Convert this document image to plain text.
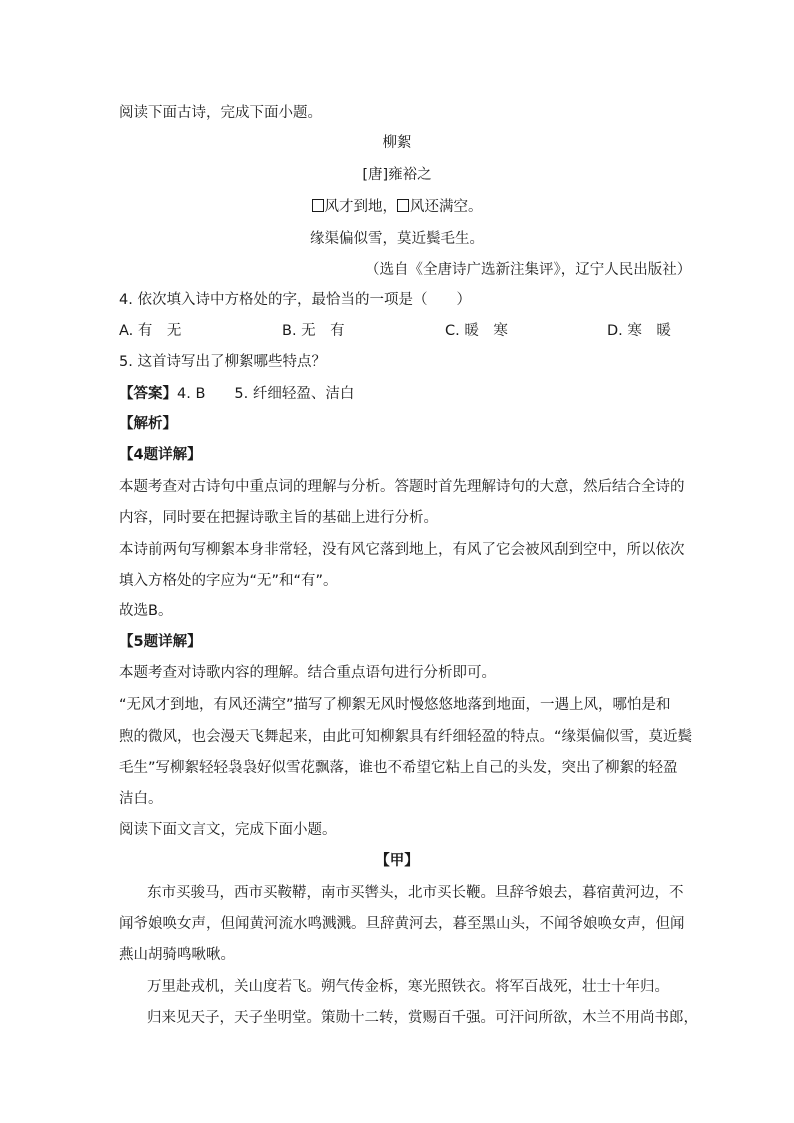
阅读下面古诗，完成下面小题。
柳絮
[唐]雍裕之
风才到地， 风还满空。
缘渠偏似雪，莫近鬓毛生。
（选自《全唐诗广选新注集评》，辽宁人民出版社）
4. 依次填入诗中方格处的字，最恰当的一项是（　　）
A. 有　无	B. 无　有	C. 暖　寒	D. 寒　暖
5. 这首诗写出了柳絮哪些特点？
【答案】4. B　　5. 纤细轻盈、洁白
【解析】
【4题详解】
本题考查对古诗句中重点词的理解与分析。答题时首先理解诗句的大意，然后结合全诗的
内容，同时要在把握诗歌主旨的基础上进行分析。
本诗前两句写柳絮本身非常轻，没有风它落到地上，有风了它会被风刮到空中，所以依次
填入方格处的字应为“无”和“有”。
故选B。
【5题详解】
本题考查对诗歌内容的理解。结合重点语句进行分析即可。
“无风才到地，有风还满空”描写了柳絮无风时慢悠悠地落到地面，一遇上风，哪怕是和
煦的微风，也会漫天飞舞起来，由此可知柳絮具有纤细轻盈的特点。“缘渠偏似雪，莫近鬓
毛生”写柳絮轻轻袅袅好似雪花飘落，谁也不希望它粘上自己的头发，突出了柳絮的轻盈
洁白。
阅读下面文言文，完成下面小题。
【甲】
东市买骏马，西市买鞍鞯，南市买辔头，北市买长鞭。旦辞爷娘去，暮宿黄河边，不
闻爷娘唤女声，但闻黄河流水鸣溅溅。旦辞黄河去，暮至黑山头，不闻爷娘唤女声，但闻
燕山胡骑鸣啾啾。
万里赴戎机，关山度若飞。朔气传金柝，寒光照铁衣。将军百战死，壮士十年归。
归来见天子，天子坐明堂。策勋十二转，赏赐百千强。可汗问所欲，木兰不用尚书郎，
